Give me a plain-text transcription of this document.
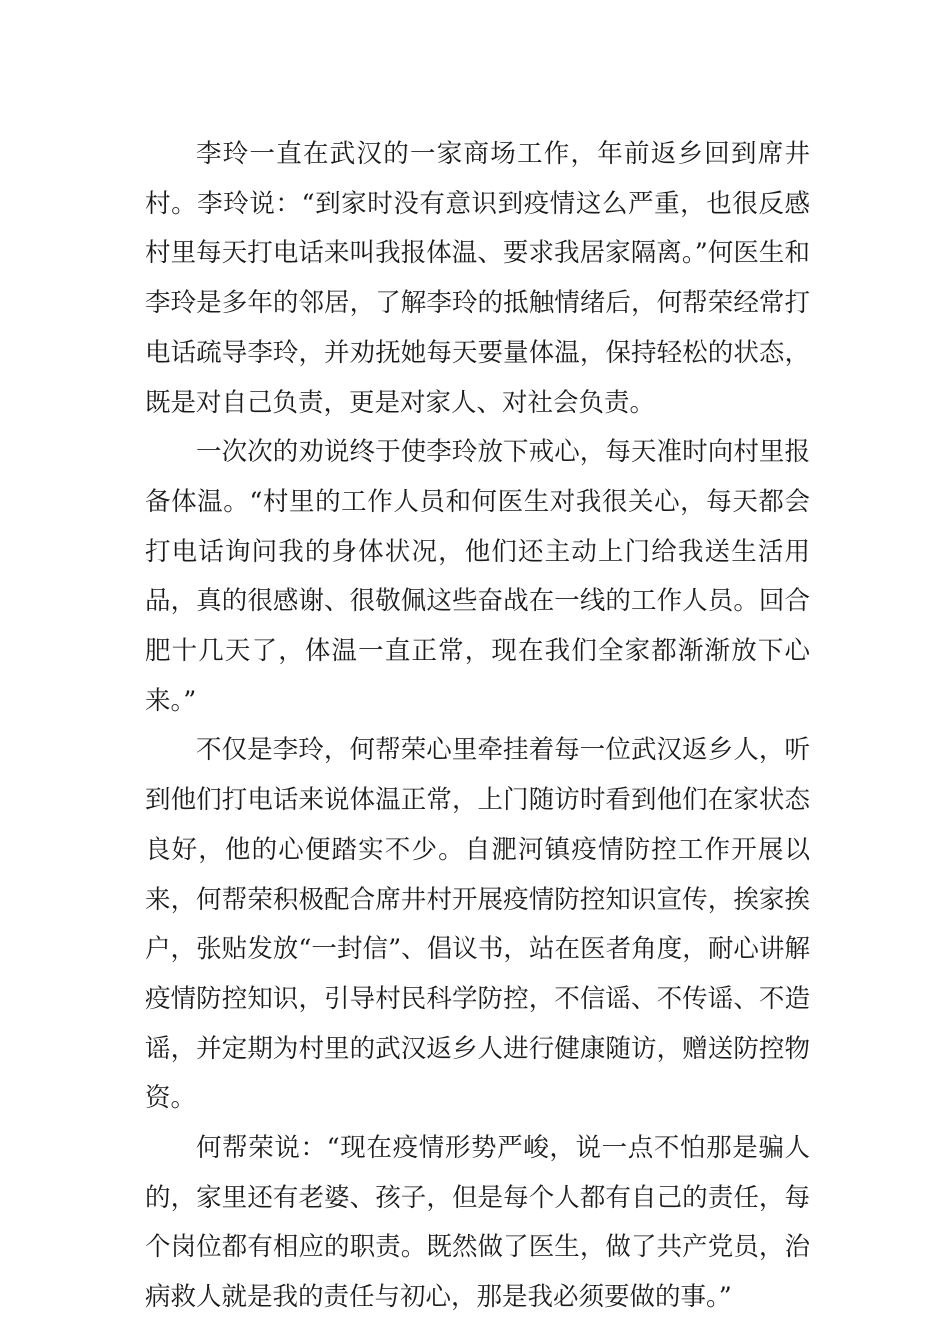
李玲一直在武汉的一家商场工作，年前返乡回到席井村。李玲说：“到家时没有意识到疫情这么严重，也很反感村里每天打电话来叫我报体温、要求我居家隔离。”何医生和李玲是多年的邻居，了解李玲的抵触情绪后，何帮荣经常打电话疏导李玲，并劝抚她每天要量体温，保持轻松的状态，既是对自己负责，更是对家人、对社会负责。

一次次的劝说终于使李玲放下戒心，每天准时向村里报备体温。“村里的工作人员和何医生对我很关心，每天都会打电话询问我的身体状况，他们还主动上门给我送生活用品，真的很感谢、很敬佩这些奋战在一线的工作人员。回合肥十几天了，体温一直正常，现在我们全家都渐渐放下心来。”

不仅是李玲，何帮荣心里牵挂着每一位武汉返乡人，听到他们打电话来说体温正常，上门随访时看到他们在家状态良好，他的心便踏实不少。自淝河镇疫情防控工作开展以来，何帮荣积极配合席井村开展疫情防控知识宣传，挨家挨户，张贴发放“一封信”、倡议书，站在医者角度，耐心讲解疫情防控知识，引导村民科学防控，不信谣、不传谣、不造谣，并定期为村里的武汉返乡人进行健康随访，赠送防控物资。

何帮荣说：“现在疫情形势严峻，说一点不怕那是骗人的，家里还有老婆、孩子，但是每个人都有自己的责任，每个岗位都有相应的职责。既然做了医生，做了共产党员，治病救人就是我的责任与初心，那是我必须要做的事。”
